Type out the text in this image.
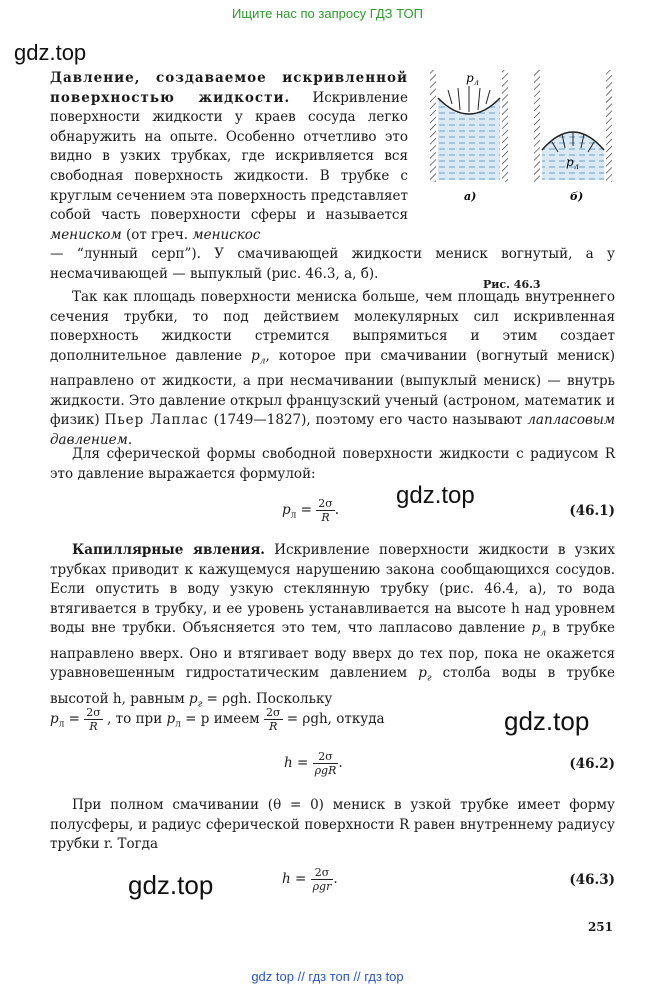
Ищите нас по запросу ГДЗ ТОП
gdz.top
gdz.top
gdz.top
gdz.top
$p_л$
а)
$p_л$
б)
Рис. 46.3
Давление, создаваемое искривленной поверхностью жидкости. Искривление поверхности жидкости у краев сосуда легко обнаружить на опыте. Особенно отчетливо это видно в узких трубках, где искривляется вся свободная поверхность жидкости. В трубке с круглым сечением эта поверхность представляет собой часть поверхности сферы и называется мениском (от греч. менискос
— “лунный серп”). У смачивающей жидкости мениск вогнутый, а у несмачивающей — выпуклый (рис. 46.3, а, б).
Так как площадь поверхности мениска больше, чем площадь внутреннего сечения трубки, то под действием молекулярных сил искривленная поверхность жидкости стремится выпрямиться и этим создает дополнительное давление $p_л$, которое при смачивании (вогнутый мениск) направлено от жидкости, а при несмачивании (выпуклый мениск) — внутрь жидкости. Это давление открыл французский ученый (астроном, математик и физик) Пьер Лаплас (1749—1827), поэтому его часто называют лапласовым давлением.
Для сферической формы свободной поверхности жидкости с радиусом R это давление выражается формулой:
$p_л = \frac{2\sigma}{R}$ .	(46.1)
Капиллярные явления. Искривление поверхности жидкости в узких трубках приводит к кажущемуся нарушению закона сообщающихся сосудов. Если опустить в воду узкую стеклянную трубку (рис. 46.4, а), то вода втягивается в трубку, и ее уровень устанавливается на высоте h над уровнем воды вне трубки. Объясняется это тем, что лапласово давление $p_л$ в трубке направлено вверх. Оно и втягивает воду вверх до тех пор, пока не окажется уравновешенным гидростатическим давлением $p_г$ столба воды в трубке высотой h, равным $p_г = \rho gh$. Поскольку
$p_л = \frac{2\sigma}{R}$ , то при $p_л = p$ имеем $\frac{2\sigma}{R} = \rho gh$, откуда
$h = \frac{2\sigma}{\text{ρgR}}$ .	(46.2)
При полном смачивании (θ = 0) мениск в узкой трубке имеет форму полусферы, и радиус сферической поверхности R равен внутреннему радиусу трубки r. Тогда
$h = \frac{2\sigma}{\text{ρgr}}$ .	(46.3)
251
gdz top // гдз топ // гдз top
